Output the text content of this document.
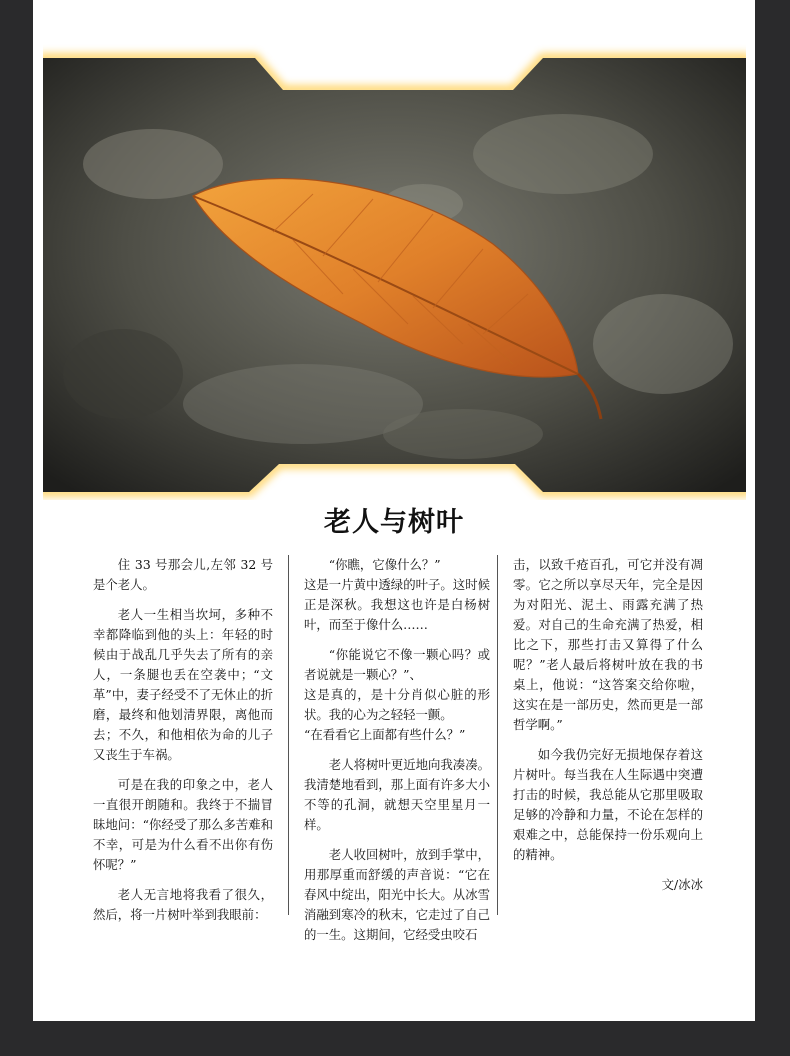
老人与树叶

住 33 号那会儿,左邻 32 号是个老人。

老人一生相当坎坷，多种不幸都降临到他的头上：年轻的时候由于战乱几乎失去了所有的亲人，一条腿也丢在空袭中；“文革”中，妻子经受不了无休止的折磨，最终和他划清界限，离他而去；不久，和他相依为命的儿子又丧生于车祸。

可是在我的印象之中，老人一直很开朗随和。我终于不揣冒昧地问：“你经受了那么多苦难和不幸，可是为什么看不出你有伤怀呢？”

老人无言地将我看了很久，然后，将一片树叶举到我眼前：

“你瞧，它像什么？”

这是一片黄中透绿的叶子。这时候正是深秋。我想这也许是白杨树叶，而至于像什么……

“你能说它不像一颗心吗？或者说就是一颗心？”、

这是真的，是十分肖似心脏的形状。我的心为之轻轻一颤。

“在看看它上面都有些什么？”

老人将树叶更近地向我凑凑。我清楚地看到，那上面有许多大小不等的孔洞，就想天空里星月一样。

老人收回树叶，放到手掌中，用那厚重而舒缓的声音说：“它在春风中绽出，阳光中长大。从冰雪消融到寒冷的秋末，它走过了自己的一生。这期间，它经受虫咬石

击，以致千疮百孔，可它并没有凋零。它之所以享尽天年，完全是因为对阳光、泥土、雨露充满了热爱。对自己的生命充满了热爱，相比之下，那些打击又算得了什么呢？”老人最后将树叶放在我的书桌上，他说：“这答案交给你啦，这实在是一部历史，然而更是一部哲学啊。”

如今我仍完好无损地保存着这片树叶。每当我在人生际遇中突遭打击的时候，我总能从它那里吸取足够的冷静和力量，不论在怎样的艰难之中，总能保持一份乐观向上的精神。

文/冰冰
